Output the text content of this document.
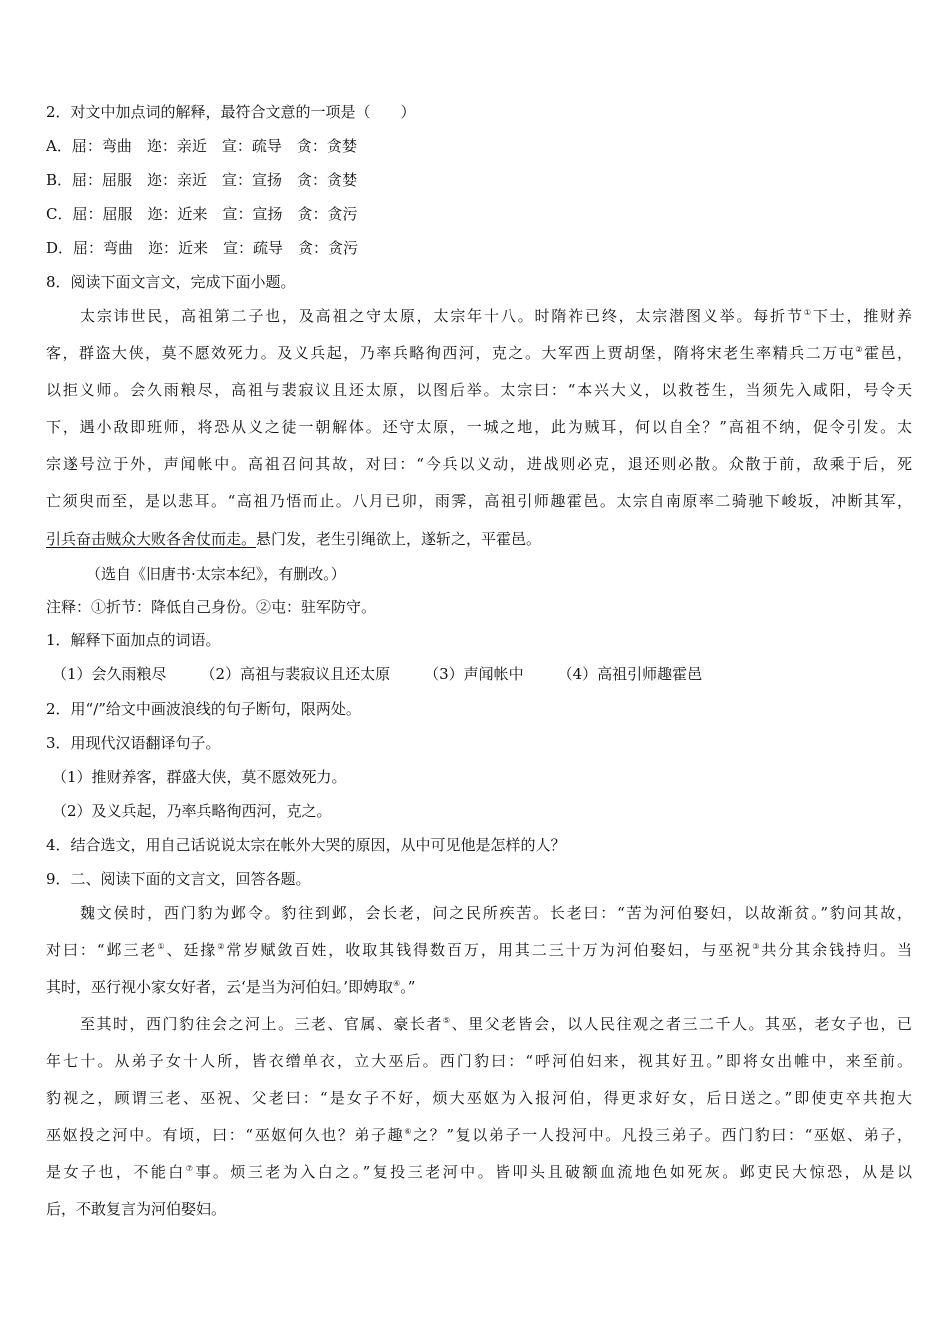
2．对文中加点词的解释，最符合文意的一项是（　　）
A．屈：弯曲　迩：亲近　宣：疏导　贪：贪婪
B．屈：屈服　迩：亲近　宣：宣扬　贪：贪婪
C．屈：屈服　迩：近来　宣：宣扬　贪：贪污
D．屈：弯曲　迩：近来　宣：疏导　贪：贪污
8．阅读下面文言文，完成下面小题。
太宗讳世民，高祖第二子也，及高祖之守太原，太宗年十八。时隋祚已终，太宗潜图义举。每折节①下士，推财养
客，群盗大侠，莫不愿效死力。及义兵起，乃率兵略徇西河，克之。大军西上贾胡堡，隋将宋老生率精兵二万屯②霍邑，
以拒义师。会久雨粮尽，高祖与裴寂议且还太原，以图后举。太宗曰：“本兴大义，以救苍生，当须先入咸阳，号令天
下，遇小敌即班师，将恐从义之徒一朝解体。还守太原，一城之地，此为贼耳，何以自全？”高祖不纳，促令引发。太
宗遂号泣于外，声闻帐中。高祖召问其故，对曰：“今兵以义动，进战则必克，退还则必散。众散于前，敌乘于后，死
亡须臾而至，是以悲耳。“高祖乃悟而止。八月已卯，雨霁，高祖引师趣霍邑。太宗自南原率二骑驰下峻坂，冲断其军，
引兵奋击贼众大败各舍仗而走。悬门发，老生引绳欲上，遂斩之，平霍邑。
（选自《旧唐书·太宗本纪》，有删改。）
注释：①折节：降低自己身份。②屯：驻军防守。
1．解释下面加点的词语。
（1）会久雨粮尽 （2）高祖与裴寂议且还太原 （3）声闻帐中 （4）高祖引师趣霍邑
2．用“/”给文中画波浪线的句子断句，限两处。
3．用现代汉语翻译句子。
（1）推财养客，群盛大侠，莫不愿效死力。
（2）及义兵起，乃率兵略徇西河，克之。
4．结合选文，用自己话说说太宗在帐外大哭的原因，从中可见他是怎样的人？
9．二、阅读下面的文言文，回答各题。
魏文侯时，西门豹为邺令。豹往到邺，会长老，问之民所疾苦。长老曰：“苦为河伯娶妇，以故渐贫。”豹问其故，
对曰：“邺三老①、廷掾②常岁赋敛百姓，收取其钱得数百万，用其二三十万为河伯娶妇，与巫祝③共分其余钱持归。当
其时，巫行视小家女好者，云‘是当为河伯妇。’即娉取④。”
至其时，西门豹往会之河上。三老、官属、豪长者⑤、里父老皆会，以人民往观之者三二千人。其巫，老女子也，已
年七十。从弟子女十人所，皆衣缯单衣，立大巫后。西门豹曰：“呼河伯妇来，视其好丑。”即将女出帷中，来至前。
豹视之，顾谓三老、巫祝、父老曰：“是女子不好，烦大巫妪为入报河伯，得更求好女，后日送之。”即使吏卒共抱大
巫妪投之河中。有顷，曰：“巫妪何久也？弟子趣⑥之？”复以弟子一人投河中。凡投三弟子。西门豹曰：“巫妪、弟子，
是女子也，不能白⑦事。烦三老为入白之。”复投三老河中。皆叩头且破额血流地色如死灰。邺吏民大惊恐，从是以
后，不敢复言为河伯娶妇。
